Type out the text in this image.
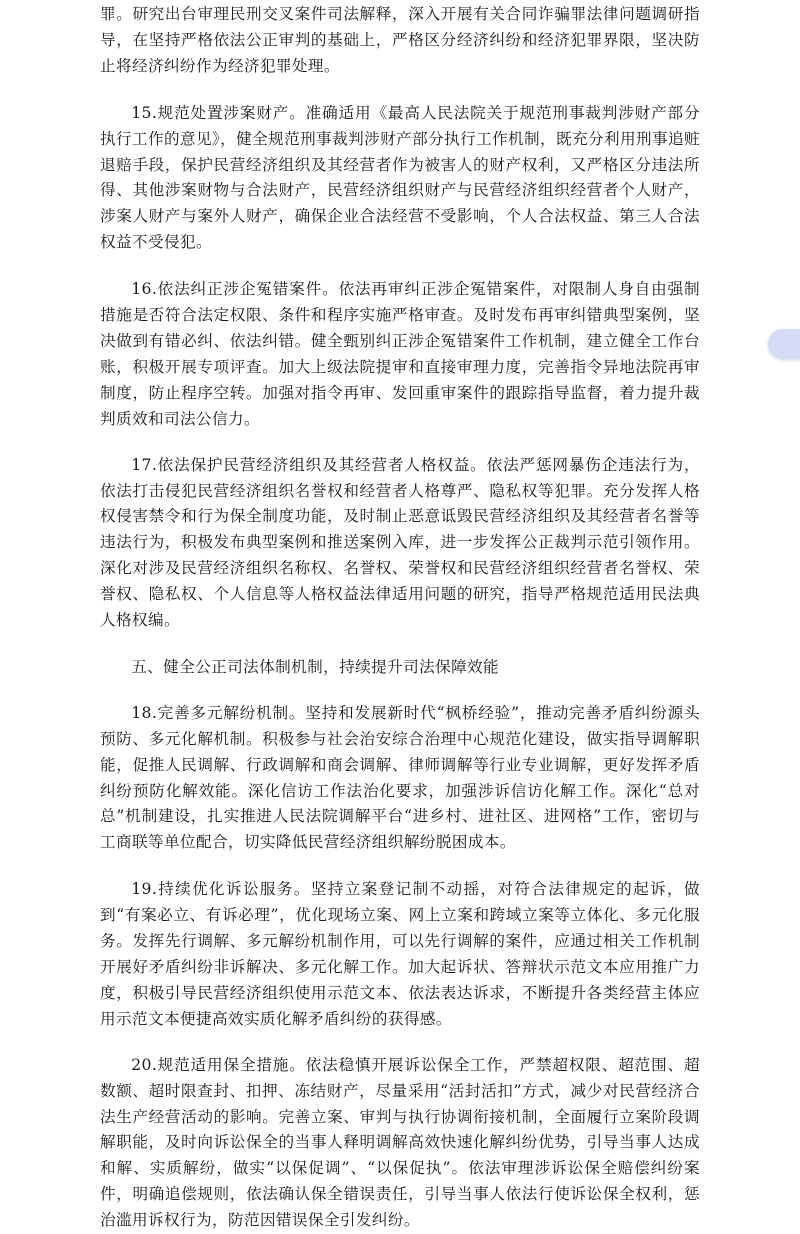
罪。研究出台审理民刑交叉案件司法解释，深入开展有关合同诈骗罪法律问题调研指导，在坚持严格依法公正审判的基础上，严格区分经济纠纷和经济犯罪界限，坚决防止将经济纠纷作为经济犯罪处理。

15.规范处置涉案财产。准确适用《最高人民法院关于规范刑事裁判涉财产部分执行工作的意见》，健全规范刑事裁判涉财产部分执行工作机制，既充分利用刑事追赃退赔手段，保护民营经济组织及其经营者作为被害人的财产权利，又严格区分违法所得、其他涉案财物与合法财产，民营经济组织财产与民营经济组织经营者个人财产，涉案人财产与案外人财产，确保企业合法经营不受影响，个人合法权益、第三人合法权益不受侵犯。

16.依法纠正涉企冤错案件。依法再审纠正涉企冤错案件，对限制人身自由强制措施是否符合法定权限、条件和程序实施严格审查。及时发布再审纠错典型案例，坚决做到有错必纠、依法纠错。健全甄别纠正涉企冤错案件工作机制，建立健全工作台账，积极开展专项评查。加大上级法院提审和直接审理力度，完善指令异地法院再审制度，防止程序空转。加强对指令再审、发回重审案件的跟踪指导监督，着力提升裁判质效和司法公信力。

17.依法保护民营经济组织及其经营者人格权益。依法严惩网暴伤企违法行为，依法打击侵犯民营经济组织名誉权和经营者人格尊严、隐私权等犯罪。充分发挥人格权侵害禁令和行为保全制度功能，及时制止恶意诋毁民营经济组织及其经营者名誉等违法行为，积极发布典型案例和推送案例入库，进一步发挥公正裁判示范引领作用。深化对涉及民营经济组织名称权、名誉权、荣誉权和民营经济组织经营者名誉权、荣誉权、隐私权、个人信息等人格权益法律适用问题的研究，指导严格规范适用民法典人格权编。

五、健全公正司法体制机制，持续提升司法保障效能

18.完善多元解纷机制。坚持和发展新时代“枫桥经验”，推动完善矛盾纠纷源头预防、多元化解机制。积极参与社会治安综合治理中心规范化建设，做实指导调解职能，促推人民调解、行政调解和商会调解、律师调解等行业专业调解，更好发挥矛盾纠纷预防化解效能。深化信访工作法治化要求，加强涉诉信访化解工作。深化“总对总”机制建设，扎实推进人民法院调解平台“进乡村、进社区、进网格”工作，密切与工商联等单位配合，切实降低民营经济组织解纷脱困成本。

19.持续优化诉讼服务。坚持立案登记制不动摇，对符合法律规定的起诉，做到“有案必立、有诉必理”，优化现场立案、网上立案和跨域立案等立体化、多元化服务。发挥先行调解、多元解纷机制作用，可以先行调解的案件，应通过相关工作机制开展好矛盾纠纷非诉解决、多元化解工作。加大起诉状、答辩状示范文本应用推广力度，积极引导民营经济组织使用示范文本、依法表达诉求，不断提升各类经营主体应用示范文本便捷高效实质化解矛盾纠纷的获得感。

20.规范适用保全措施。依法稳慎开展诉讼保全工作，严禁超权限、超范围、超数额、超时限查封、扣押、冻结财产，尽量采用“活封活扣”方式，减少对民营经济合法生产经营活动的影响。完善立案、审判与执行协调衔接机制，全面履行立案阶段调解职能，及时向诉讼保全的当事人释明调解高效快速化解纠纷优势，引导当事人达成和解、实质解纷，做实“以保促调”、“以保促执”。依法审理涉诉讼保全赔偿纠纷案件，明确追偿规则，依法确认保全错误责任，引导当事人依法行使诉讼保全权利，惩治滥用诉权行为，防范因错误保全引发纠纷。
